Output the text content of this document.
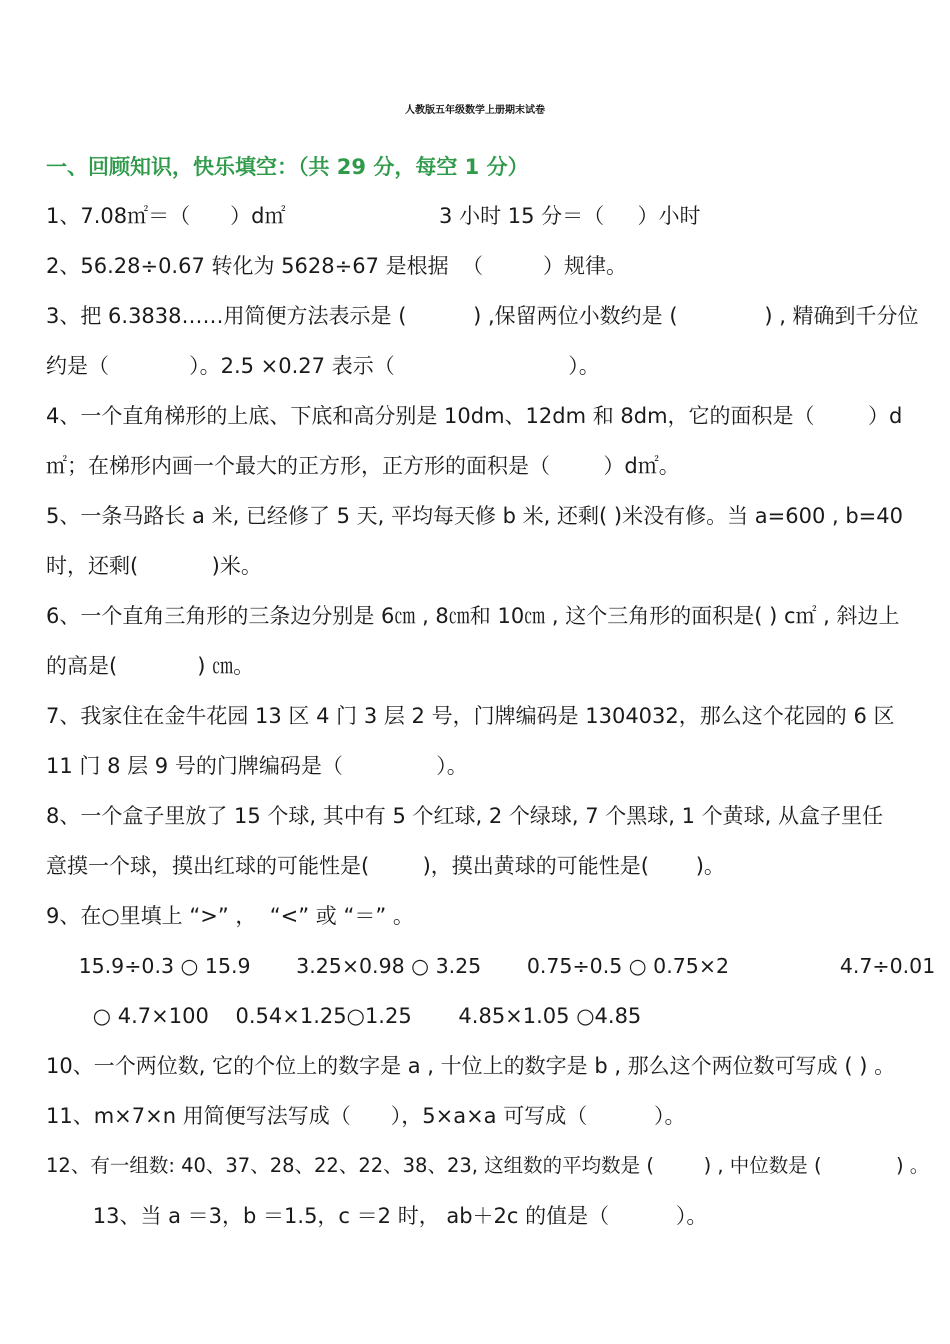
人教版五年级数学上册期末试卷
一、回顾知识，快乐填空：（共 29 分，每空 1 分）
1、7.08㎡＝（      ）d㎡                       3 小时 15 分＝（     ）小时
2、56.28÷0.67 转化为 5628÷67 是根据  （         ）规律。
3、把 6.3838……用简便方法表示是 (          ) ,保留两位小数约是 (             ) , 精确到千分位
约是（            ）。2.5 ×0.27 表示（                          ）。
4、一个直角梯形的上底、下底和高分别是 10dm、12dm 和 8dm，它的面积是（        ）d
㎡；在梯形内画一个最大的正方形，正方形的面积是（        ）d㎡。
5、一条马路长 a 米, 已经修了 5 天, 平均每天修 b 米, 还剩( )米没有修。当 a=600 , b=40
时，还剩(           )米。
6、一个直角三角形的三条边分别是 6㎝ , 8㎝和 10㎝ , 这个三角形的面积是( ) c㎡ , 斜边上
的高是(            ) ㎝。
7、我家住在金牛花园 13 区 4 门 3 层 2 号，门牌编码是 1304032，那么这个花园的 6 区
11 门 8 层 9 号的门牌编码是（              ）。
8、一个盒子里放了 15 个球, 其中有 5 个红球, 2 个绿球, 7 个黑球, 1 个黄球, 从盒子里任
意摸一个球，摸出红球的可能性是(        )，摸出黄球的可能性是(       )。
9、在○里填上 “>” ，  “<” 或 “＝” 。
15.9÷0.3 ○ 15.9       3.25×0.98 ○ 3.25       0.75÷0.5 ○ 0.75×2                 4.7÷0.01
○ 4.7×100    0.54×1.25○1.25       4.85×1.05 ○4.85
10、一个两位数, 它的个位上的数字是 a , 十位上的数字是 b , 那么这个两位数可写成 ( ) 。
11、m×7×n 用简便写法写成（      ），5×a×a 可写成（          ）。
12、有一组数: 40、37、28、22、22、38、23, 这组数的平均数是 (        ) , 中位数是 (            ) 。
13、当 a ＝3，b ＝1.5，c ＝2 时， ab＋2c 的值是（          ）。
